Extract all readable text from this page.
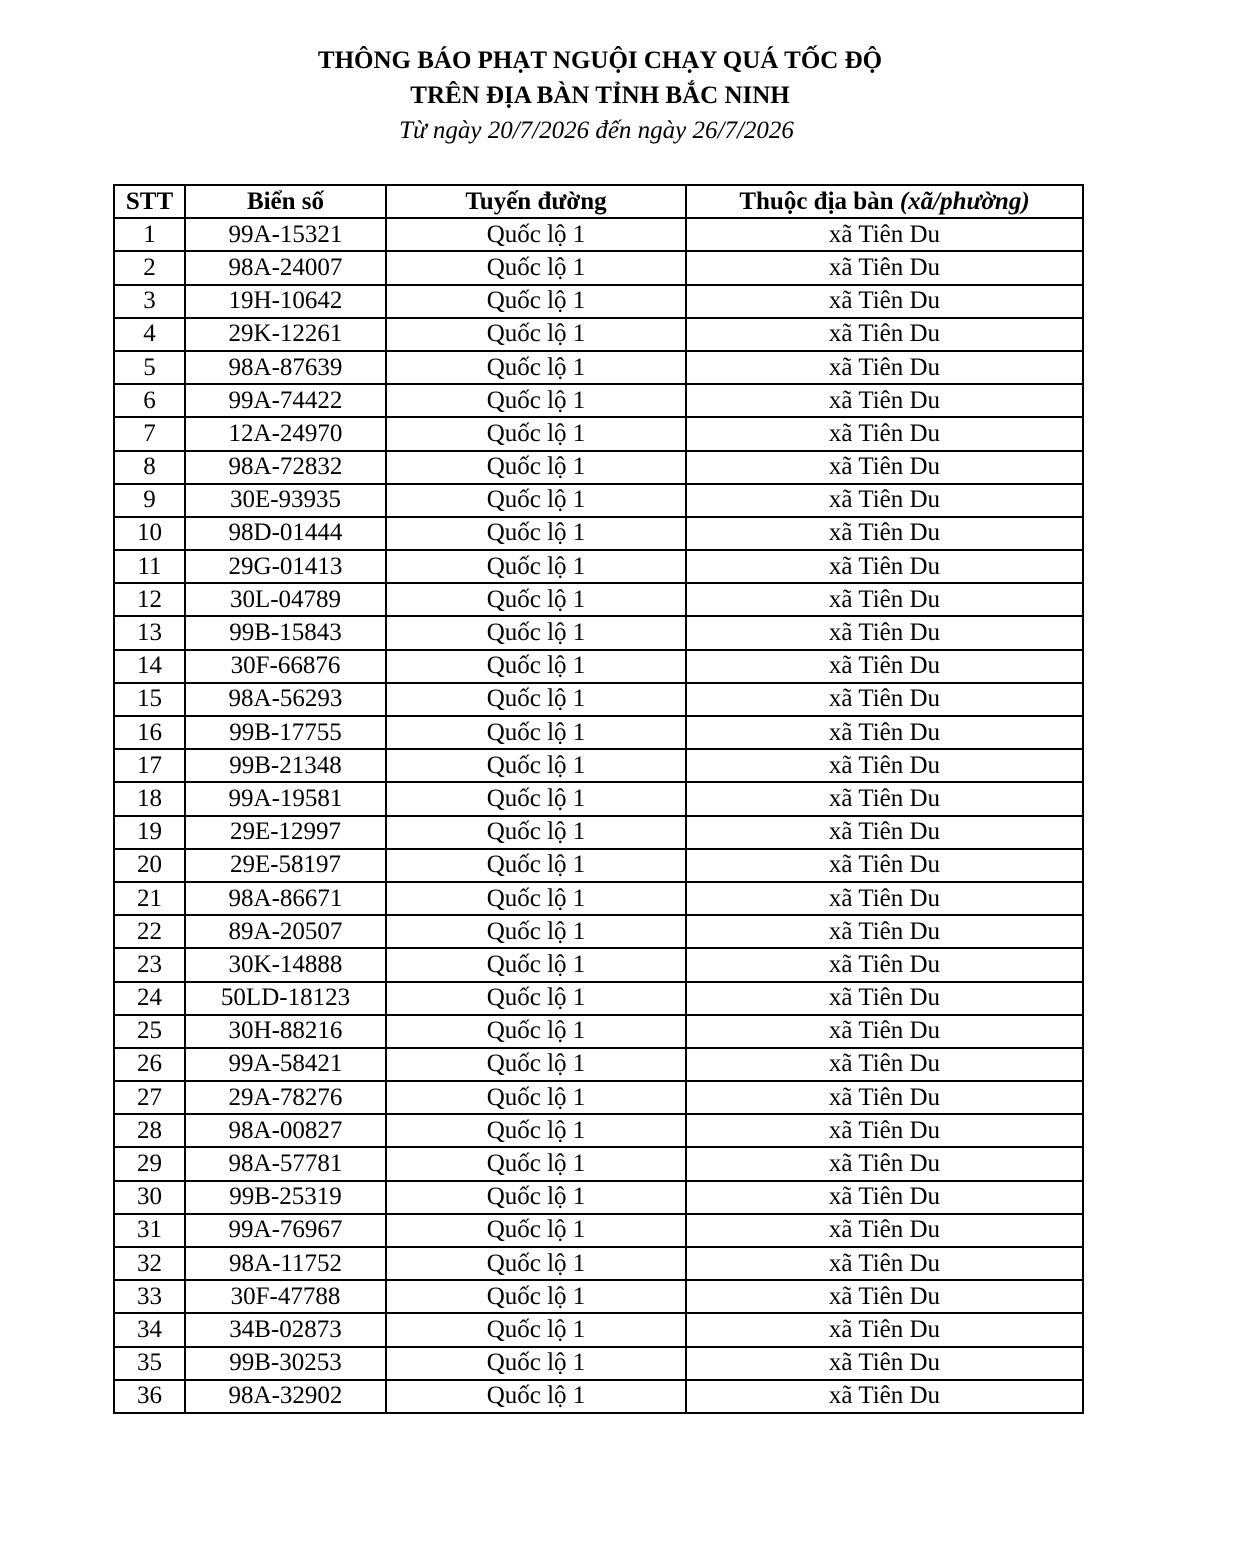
THÔNG BÁO PHẠT NGUỘI CHẠY QUÁ TỐC ĐỘ
TRÊN ĐỊA BÀN TỈNH BẮC NINH
Từ ngày 20/7/2026 đến ngày 26/7/2026
STT	Biển số	Tuyến đường	Thuộc địa bàn (xã/phường)
1	99A-15321	Quốc lộ 1	xã Tiên Du
2	98A-24007	Quốc lộ 1	xã Tiên Du
3	19H-10642	Quốc lộ 1	xã Tiên Du
4	29K-12261	Quốc lộ 1	xã Tiên Du
5	98A-87639	Quốc lộ 1	xã Tiên Du
6	99A-74422	Quốc lộ 1	xã Tiên Du
7	12A-24970	Quốc lộ 1	xã Tiên Du
8	98A-72832	Quốc lộ 1	xã Tiên Du
9	30E-93935	Quốc lộ 1	xã Tiên Du
10	98D-01444	Quốc lộ 1	xã Tiên Du
11	29G-01413	Quốc lộ 1	xã Tiên Du
12	30L-04789	Quốc lộ 1	xã Tiên Du
13	99B-15843	Quốc lộ 1	xã Tiên Du
14	30F-66876	Quốc lộ 1	xã Tiên Du
15	98A-56293	Quốc lộ 1	xã Tiên Du
16	99B-17755	Quốc lộ 1	xã Tiên Du
17	99B-21348	Quốc lộ 1	xã Tiên Du
18	99A-19581	Quốc lộ 1	xã Tiên Du
19	29E-12997	Quốc lộ 1	xã Tiên Du
20	29E-58197	Quốc lộ 1	xã Tiên Du
21	98A-86671	Quốc lộ 1	xã Tiên Du
22	89A-20507	Quốc lộ 1	xã Tiên Du
23	30K-14888	Quốc lộ 1	xã Tiên Du
24	50LD-18123	Quốc lộ 1	xã Tiên Du
25	30H-88216	Quốc lộ 1	xã Tiên Du
26	99A-58421	Quốc lộ 1	xã Tiên Du
27	29A-78276	Quốc lộ 1	xã Tiên Du
28	98A-00827	Quốc lộ 1	xã Tiên Du
29	98A-57781	Quốc lộ 1	xã Tiên Du
30	99B-25319	Quốc lộ 1	xã Tiên Du
31	99A-76967	Quốc lộ 1	xã Tiên Du
32	98A-11752	Quốc lộ 1	xã Tiên Du
33	30F-47788	Quốc lộ 1	xã Tiên Du
34	34B-02873	Quốc lộ 1	xã Tiên Du
35	99B-30253	Quốc lộ 1	xã Tiên Du
36	98A-32902	Quốc lộ 1	xã Tiên Du
